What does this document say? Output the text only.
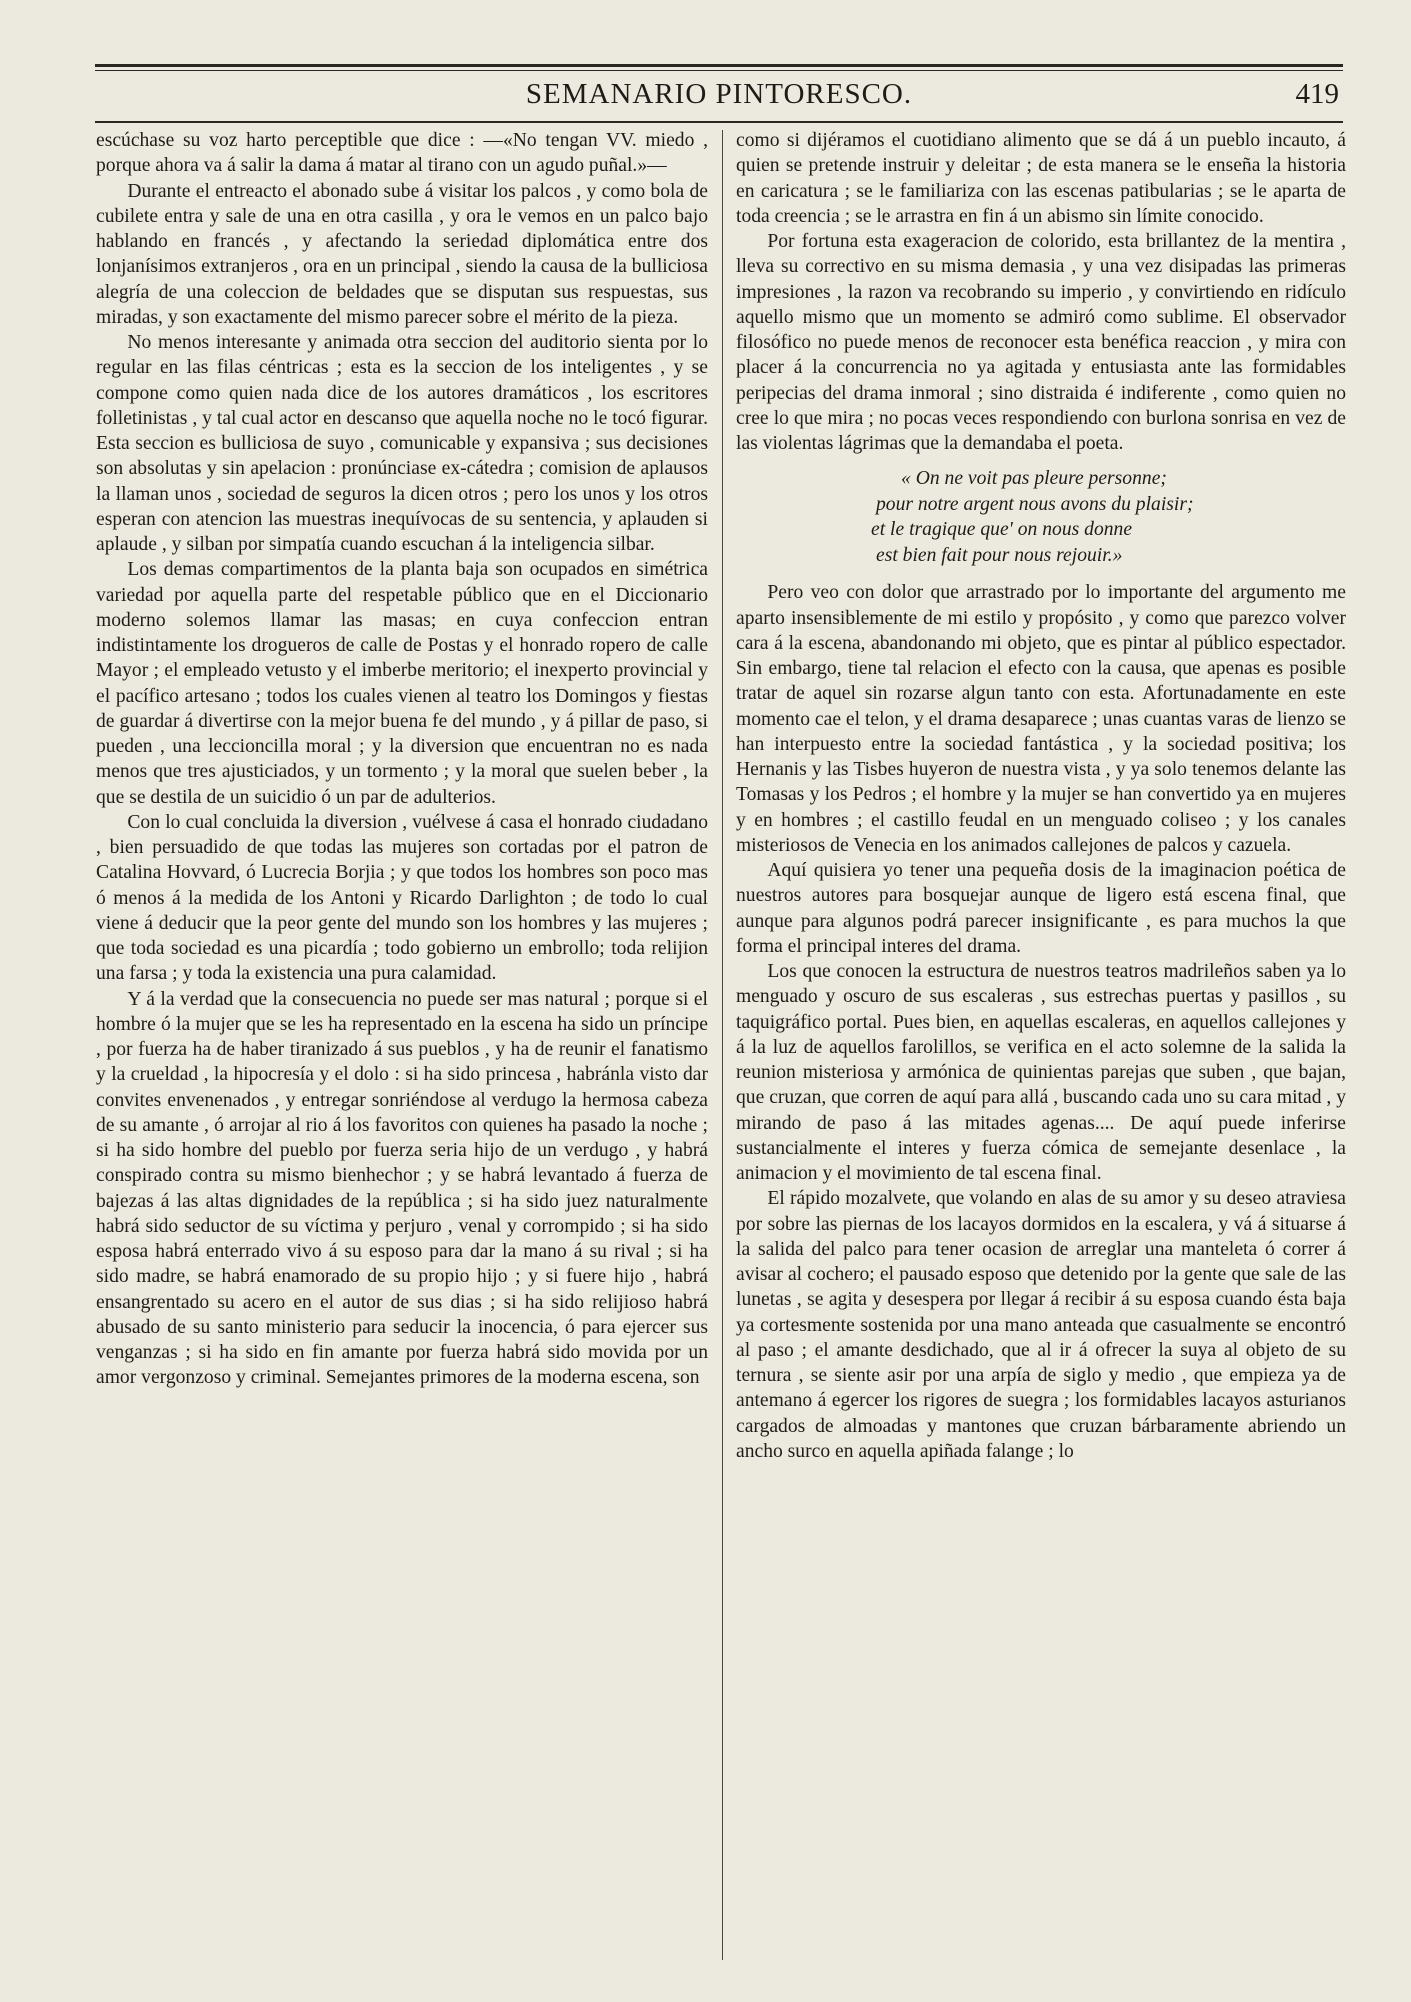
SEMANARIO PINTORESCO.	419

escúchase su voz harto perceptible que dice : —«No tengan VV. miedo , porque ahora va á salir la dama á matar al tirano con un agudo puñal.»—

Durante el entreacto el abonado sube á visitar los palcos , y como bola de cubilete entra y sale de una en otra casilla , y ora le vemos en un palco bajo hablando en francés , y afectando la seriedad diplomática entre dos lonjanísimos extranjeros , ora en un principal , siendo la causa de la bulliciosa alegría de una coleccion de beldades que se disputan sus respuestas, sus miradas, y son exactamente del mismo parecer sobre el mérito de la pieza.

No menos interesante y animada otra seccion del auditorio sienta por lo regular en las filas céntricas ; esta es la seccion de los inteligentes , y se compone como quien nada dice de los autores dramáticos , los escritores folletinistas , y tal cual actor en descanso que aquella noche no le tocó figurar. Esta seccion es bulliciosa de suyo , comunicable y expansiva ; sus decisiones son absolutas y sin apelacion : pronúnciase ex-cátedra ; comision de aplausos la llaman unos , sociedad de seguros la dicen otros ; pero los unos y los otros esperan con atencion las muestras inequívocas de su sentencia, y aplauden si aplaude , y silban por simpatía cuando escuchan á la inteligencia silbar.

Los demas compartimentos de la planta baja son ocupados en simétrica variedad por aquella parte del respetable público que en el Diccionario moderno solemos llamar las masas; en cuya confeccion entran indistintamente los drogueros de calle de Postas y el honrado ropero de calle Mayor ; el empleado vetusto y el imberbe meritorio; el inexperto provincial y el pacífico artesano ; todos los cuales vienen al teatro los Domingos y fiestas de guardar á divertirse con la mejor buena fe del mundo , y á pillar de paso, si pueden , una leccioncilla moral ; y la diversion que encuentran no es nada menos que tres ajusticiados, y un tormento ; y la moral que suelen beber , la que se destila de un suicidio ó un par de adulterios.

Con lo cual concluida la diversion , vuélvese á casa el honrado ciudadano , bien persuadido de que todas las mujeres son cortadas por el patron de Catalina Hovvard, ó Lucrecia Borjia ; y que todos los hombres son poco mas ó menos á la medida de los Antoni y Ricardo Darlighton ; de todo lo cual viene á deducir que la peor gente del mundo son los hombres y las mujeres ; que toda sociedad es una picardía ; todo gobierno un embrollo; toda relijion una farsa ; y toda la existencia una pura calamidad.

Y á la verdad que la consecuencia no puede ser mas natural ; porque si el hombre ó la mujer que se les ha representado en la escena ha sido un príncipe , por fuerza ha de haber tiranizado á sus pueblos , y ha de reunir el fanatismo y la crueldad , la hipocresía y el dolo : si ha sido princesa , habránla visto dar convites envenenados , y entregar sonriéndose al verdugo la hermosa cabeza de su amante , ó arrojar al rio á los favoritos con quienes ha pasado la noche ; si ha sido hombre del pueblo por fuerza seria hijo de un verdugo , y habrá conspirado contra su mismo bienhechor ; y se habrá levantado á fuerza de bajezas á las altas dignidades de la república ; si ha sido juez naturalmente habrá sido seductor de su víctima y perjuro , venal y corrompido ; si ha sido esposa habrá enterrado vivo á su esposo para dar la mano á su rival ; si ha sido madre, se habrá enamorado de su propio hijo ; y si fuere hijo , habrá ensangrentado su acero en el autor de sus dias ; si ha sido relijioso habrá abusado de su santo ministerio para seducir la inocencia, ó para ejercer sus venganzas ; si ha sido en fin amante por fuerza habrá sido movida por un amor vergonzoso y criminal. Semejantes primores de la moderna escena, son

como si dijéramos el cuotidiano alimento que se dá á un pueblo incauto, á quien se pretende instruir y deleitar ; de esta manera se le enseña la historia en caricatura ; se le familiariza con las escenas patibularias ; se le aparta de toda creencia ; se le arrastra en fin á un abismo sin límite conocido.

Por fortuna esta exageracion de colorido, esta brillantez de la mentira , lleva su correctivo en su misma demasia , y una vez disipadas las primeras impresiones , la razon va recobrando su imperio , y convirtiendo en ridículo aquello mismo que un momento se admiró como sublime. El observador filosófico no puede menos de reconocer esta benéfica reaccion , y mira con placer á la concurrencia no ya agitada y entusiasta ante las formidables peripecias del drama inmoral ; sino distraida é indiferente , como quien no cree lo que mira ; no pocas veces respondiendo con burlona sonrisa en vez de las violentas lágrimas que la demandaba el poeta.

« On ne voit pas pleure personne;
pour notre argent nous avons du plaisir;
et le tragique que' on nous donne
est bien fait pour nous rejouir.»

Pero veo con dolor que arrastrado por lo importante del argumento me aparto insensiblemente de mi estilo y propósito , y como que parezco volver cara á la escena, abandonando mi objeto, que es pintar al público espectador. Sin embargo, tiene tal relacion el efecto con la causa, que apenas es posible tratar de aquel sin rozarse algun tanto con esta. Afortunadamente en este momento cae el telon, y el drama desaparece ; unas cuantas varas de lienzo se han interpuesto entre la sociedad fantástica , y la sociedad positiva; los Hernanis y las Tisbes huyeron de nuestra vista , y ya solo tenemos delante las Tomasas y los Pedros ; el hombre y la mujer se han convertido ya en mujeres y en hombres ; el castillo feudal en un menguado coliseo ; y los canales misteriosos de Venecia en los animados callejones de palcos y cazuela.

Aquí quisiera yo tener una pequeña dosis de la imaginacion poética de nuestros autores para bosquejar aunque de ligero está escena final, que aunque para algunos podrá parecer insignificante , es para muchos la que forma el principal interes del drama.

Los que conocen la estructura de nuestros teatros madrileños saben ya lo menguado y oscuro de sus escaleras , sus estrechas puertas y pasillos , su taquigráfico portal. Pues bien, en aquellas escaleras, en aquellos callejones y á la luz de aquellos farolillos, se verifica en el acto solemne de la salida la reunion misteriosa y armónica de quinientas parejas que suben , que bajan, que cruzan, que corren de aquí para allá , buscando cada uno su cara mitad , y mirando de paso á las mitades agenas.... De aquí puede inferirse sustancialmente el interes y fuerza cómica de semejante desenlace , la animacion y el movimiento de tal escena final.

El rápido mozalvete, que volando en alas de su amor y su deseo atraviesa por sobre las piernas de los lacayos dormidos en la escalera, y vá á situarse á la salida del palco para tener ocasion de arreglar una manteleta ó correr á avisar al cochero; el pausado esposo que detenido por la gente que sale de las lunetas , se agita y desespera por llegar á recibir á su esposa cuando ésta baja ya cortesmente sostenida por una mano anteada que casualmente se encontró al paso ; el amante desdichado, que al ir á ofrecer la suya al objeto de su ternura , se siente asir por una arpía de siglo y medio , que empieza ya de antemano á egercer los rigores de suegra ; los formidables lacayos asturianos cargados de almoadas y mantones que cruzan bárbaramente abriendo un ancho surco en aquella apiñada falange ; lo
